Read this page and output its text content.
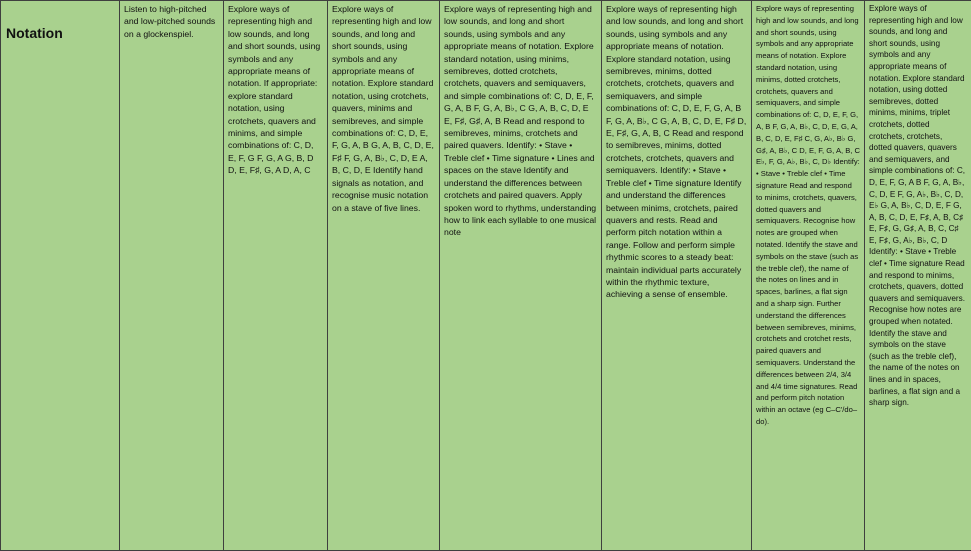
Notation	Listen to high-pitched and low-pitched sounds on a glockenspiel.	Explore ways of representing high and low sounds, and long and short sounds, using symbols and any appropriate means of notation. If appropriate: explore standard notation, using crotchets, quavers and minims, and simple combinations of: C, D, E, F, G F, G, A G, B, D D, E, F♯, G, A D, A, C	Explore ways of representing high and low sounds, and long and short sounds, using symbols and any appropriate means of notation. Explore standard notation, using crotchets, quavers, minims and semibreves, and simple combinations of: C, D, E, F, G, A, B G, A, B, C, D, E, F♯ F, G, A, B♭, C, D, E A, B, C, D, E Identify hand signals as notation, and recognise music notation on a stave of five lines.	Explore ways of representing high and low sounds, and long and short sounds, using symbols and any appropriate means of notation. Explore standard notation, using minims, semibreves, dotted crotchets, crotchets, quavers and semiquavers, and simple combinations of: C, D, E, F, G, A, B F, G, A, B♭, C G, A, B, C, D, E E, F♯, G♯, A, B Read and respond to semibreves, minims, crotchets and paired quavers. Identify: • Stave • Treble clef • Time signature • Lines and spaces on the stave Identify and understand the differences between crotchets and paired quavers. Apply spoken word to rhythms, understanding how to link each syllable to one musical note	Explore ways of representing high and low sounds, and long and short sounds, using symbols and any appropriate means of notation. Explore standard notation, using semibreves, minims, dotted crotchets, crotchets, quavers and semiquavers, and simple combinations of: C, D, E, F, G, A, B F, G, A, B♭, C G, A, B, C, D, E, F♯ D, E, F♯, G, A, B, C Read and respond to semibreves, minims, dotted crotchets, crotchets, quavers and semiquavers. Identify: • Stave • Treble clef • Time signature Identify and understand the differences between minims, crotchets, paired quavers and rests. Read and perform pitch notation within a range. Follow and perform simple rhythmic scores to a steady beat: maintain individual parts accurately within the rhythmic texture, achieving a sense of ensemble.	Explore ways of representing high and low sounds, and long and short sounds, using symbols and any appropriate means of notation. Explore standard notation, using minims, dotted crotchets, crotchets, quavers and semiquavers, and simple combinations of: C, D, E, F, G, A, B F, G, A, B♭, C, D, E, G, A, B, C, D, E, F♯ C, G, A♭, B♭ G, G♯, A, B♭, C D, E, F, G, A, B, C E♭, F, G, A♭, B♭, C, D♭ Identify: • Stave • Treble clef • Time signature Read and respond to minims, crotchets, quavers, dotted quavers and semiquavers. Recognise how notes are grouped when notated. Identify the stave and symbols on the stave (such as the treble clef), the name of the notes on lines and in spaces, barlines, a flat sign and a sharp sign. Further understand the differences between semibreves, minims, crotchets and crotchet rests, paired quavers and semiquavers. Understand the differences between 2/4, 3/4 and 4/4 time signatures. Read and perform pitch notation within an octave (eg C–C'/do–do).	Explore ways of representing high and low sounds, and long and short sounds, using symbols and any appropriate means of notation. Explore standard notation, using dotted semibreves, dotted minims, minims, triplet crotchets, dotted crotchets, crotchets, dotted quavers, quavers and semiquavers, and simple combinations of: C, D, E, F, G, A B F, G, A, B♭, C, D, E F, G, A♭, B♭, C, D, E♭ G, A, B♭, C, D, E, F G, A, B, C, D, E, F♯, A, B, C♯ E, F♯, G, G♯, A, B, C, C♯ E, F♯, G, A♭, B♭, C, D Identify: • Stave • Treble clef • Time signature Read and respond to minims, crotchets, quavers, dotted quavers and semiquavers. Recognise how notes are grouped when notated. Identify the stave and symbols on the stave (such as the treble clef), the name of the notes on lines and in spaces, barlines, a flat sign and a sharp sign.
